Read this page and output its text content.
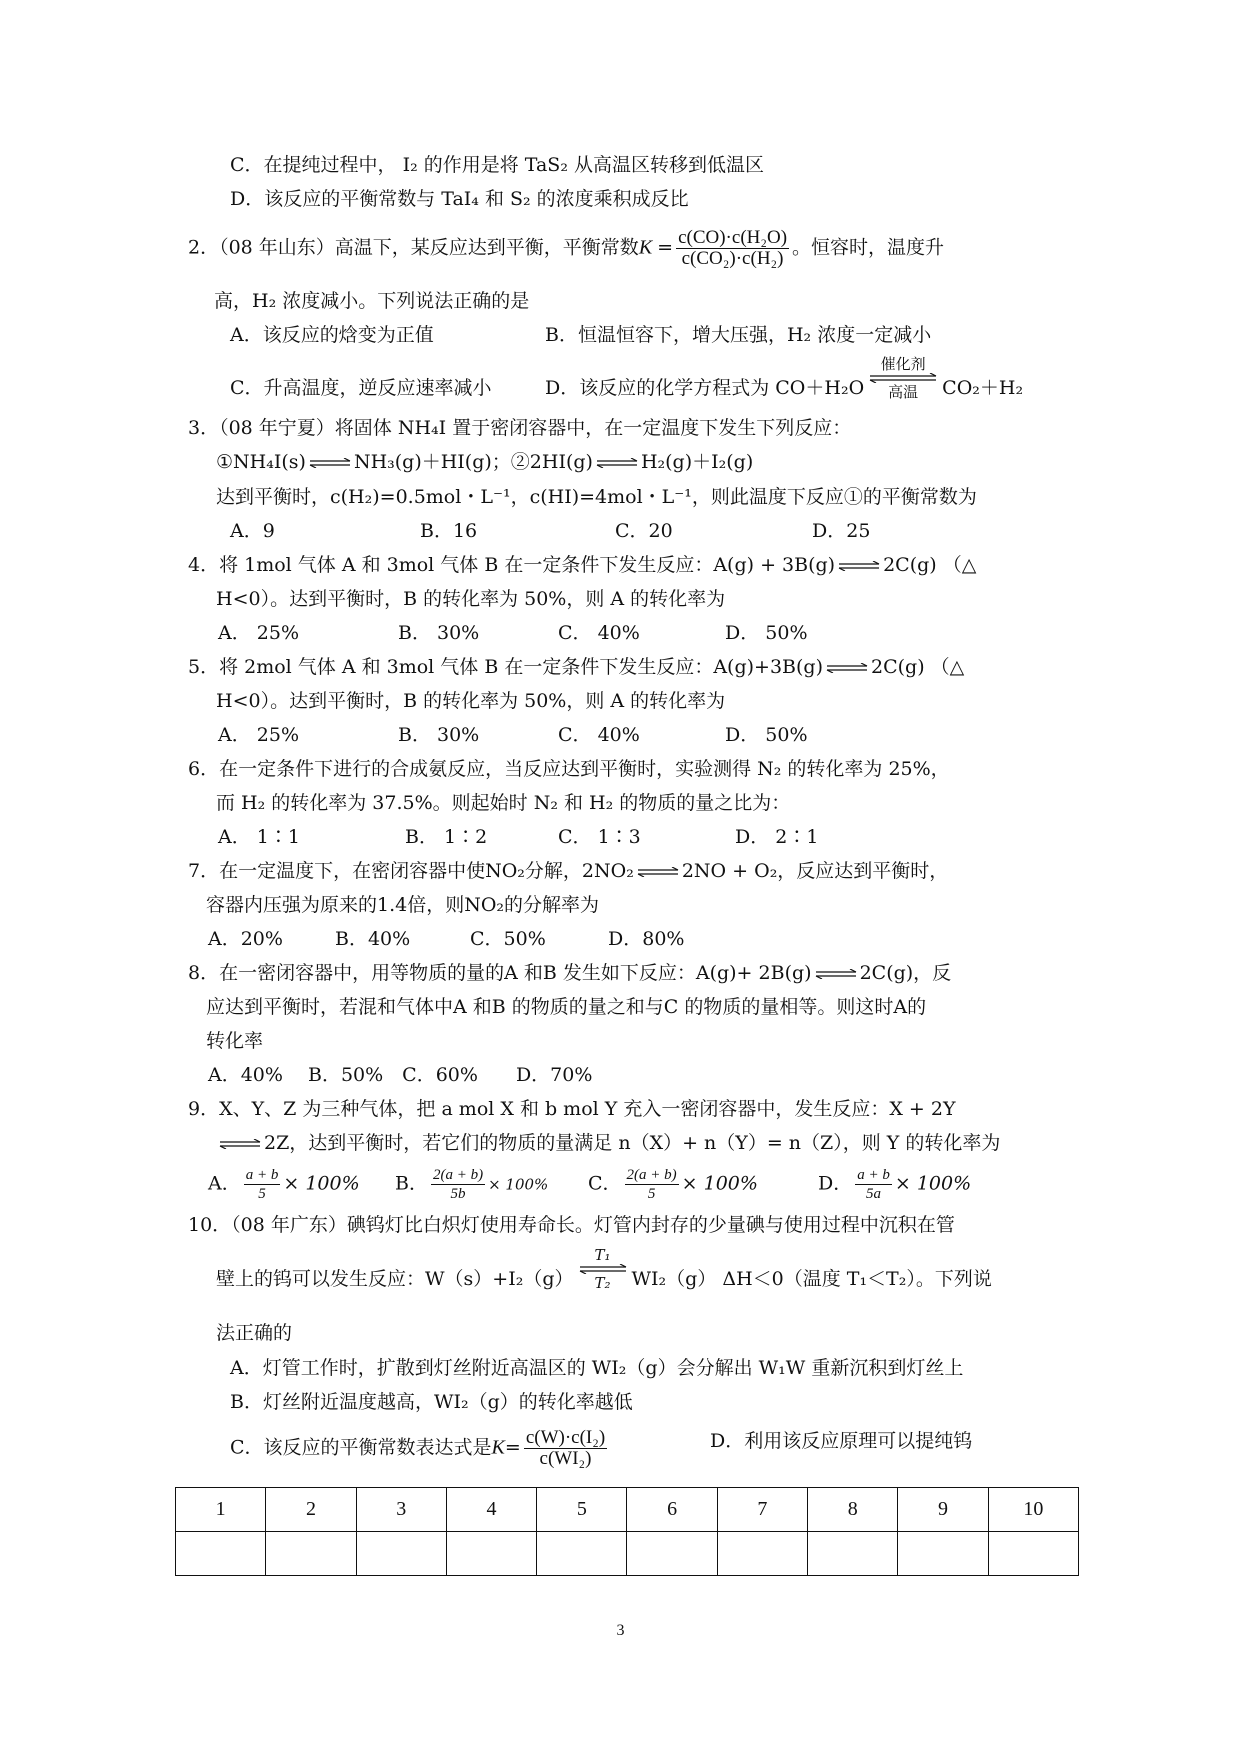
C．在提纯过程中， I₂ 的作用是将 TaS₂ 从高温区转移到低温区
D．该反应的平衡常数与 TaI₄ 和 S₂ 的浓度乘积成反比
2．（08 年山东）高温下，某反应达到平衡，平衡常数$K = \frac{\text{c(CO)·c(H₂O)}}{\text{c(CO₂)·c(H₂)}}$ 。恒容时，温度升
高，H₂ 浓度减小。下列说法正确的是
A．该反应的焓变为正值	B．恒温恒容下，增大压强，H₂ 浓度一定减小
C．升高温度，逆反应速率减小	D．该反应的化学方程式为 CO＋H₂O催化剂
高温 CO₂＋H₂
3．（08 年宁夏）将固体 NH₄I 置于密闭容器中，在一定温度下发生下列反应：
①NH₄I(s)	NH₃(g)＋HI(g)；②2HI(g)	H₂(g)＋I₂(g)
达到平衡时，c(H₂)=0.5mol・L⁻¹，c(HI)=4mol・L⁻¹，则此温度下反应①的平衡常数为
A．9	B．16	C．20	D．25
4．将 1mol 气体 A 和 3mol 气体 B 在一定条件下发生反应：A(g) + 3B(g)	2C(g) （△
H<0）。达到平衡时，B 的转化率为 50%，则 A 的转化率为
A． 25%	B． 30%	C． 40%	D． 50%
5．将 2mol 气体 A 和 3mol 气体 B 在一定条件下发生反应：A(g)+3B(g)	2C(g) （△
H<0）。达到平衡时，B 的转化率为 50%，则 A 的转化率为
A． 25%	B． 30%	C． 40%	D． 50%
6．在一定条件下进行的合成氨反应，当反应达到平衡时，实验测得 N₂ 的转化率为 25%，
而 H₂ 的转化率为 37.5%。则起始时 N₂ 和 H₂ 的物质的量之比为：
A． 1∶1	B． 1∶2	C． 1∶3	D． 2∶1
7．在一定温度下，在密闭容器中使NO₂分解，2NO₂	2NO + O₂，反应达到平衡时，
容器内压强为原来的1.4倍，则NO₂的分解率为
A．20%	B．40%	C．50%	D．80%
8．在一密闭容器中，用等物质的量的A 和B 发生如下反应：A(g)+ 2B(g)	2C(g)，反
应达到平衡时，若混和气体中A 和B 的物质的量之和与C 的物质的量相等。则这时A的
转化率
A．40%　 B．50%　C．60%　　D．70%
9．X、Y、Z 为三种气体，把 a mol X 和 b mol Y 充入一密闭容器中，发生反应：X + 2Y
2Z，达到平衡时，若它们的物质的量满足 n（X）+ n（Y）= n（Z），则 Y 的转化率为
A． $\frac{a + b}{5} \times 100\%$ B． $\frac{2(a + b)}{5b} \times 100\%$ C． $\frac{2(a + b)}{5} \times 100\%$	D． $\frac{a + b}{5a} \times 100\%$
10．（08 年广东）碘钨灯比白炽灯使用寿命长。灯管内封存的少量碘与使用过程中沉积在管
壁上的钨可以发生反应：W（s）+I₂（g）T₁
T₂ WI₂（g） ΔH＜0（温度 T₁＜T₂）。下列说
法正确的
A．灯管工作时，扩散到灯丝附近高温区的 WI₂（g）会分解出 W₁W 重新沉积到灯丝上
B．灯丝附近温度越高，WI₂（g）的转化率越低
C．该反应的平衡常数表达式是$K= \frac{\text{c(W)·c(I₂)}}{\text{c(WI₂)}}$	D．利用该反应原理可以提纯钨
1	2	3	4	5	6	7	8	9	10

3
